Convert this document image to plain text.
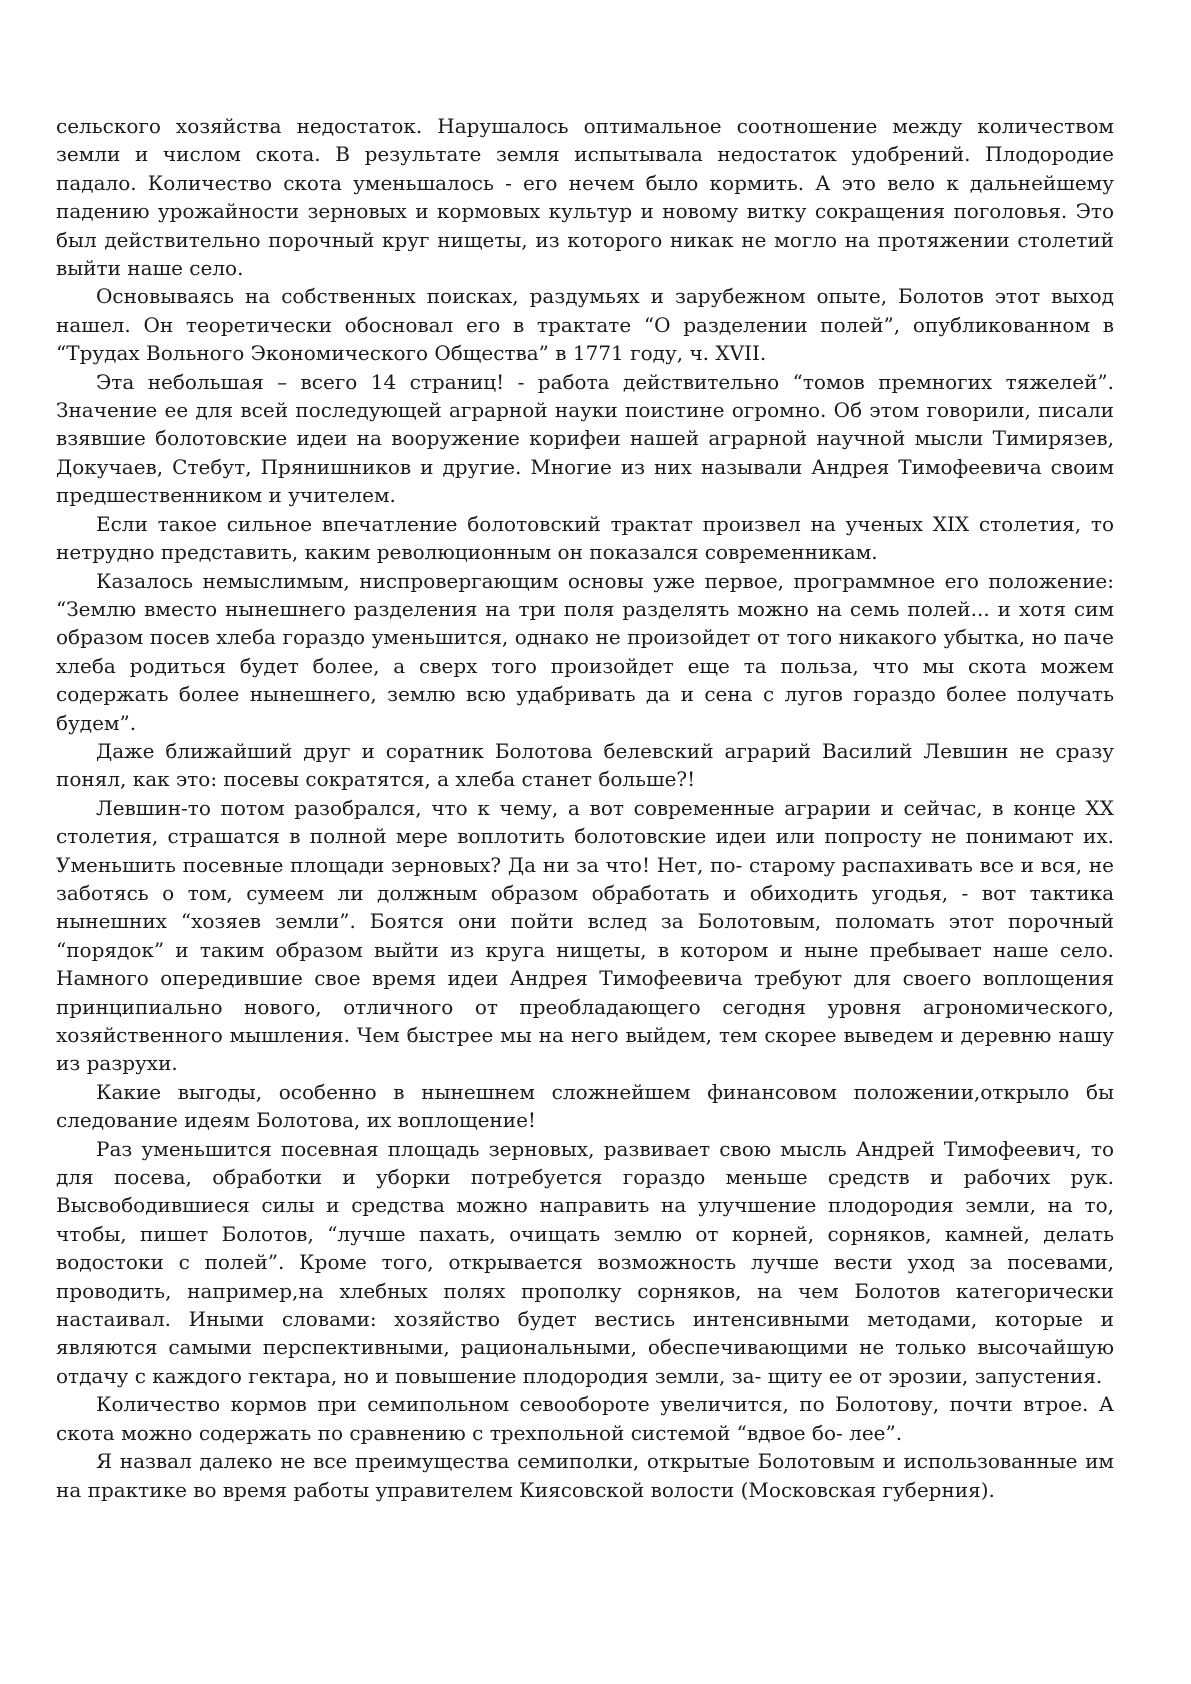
сельского хозяйства недостаток. Нарушалось оптимальное соотношение между количеством земли и числом скота. В результате земля испытывала недостаток удобрений. Плодородие падало. Количество скота уменьшалось - его нечем было кормить. А это вело к дальнейшему падению урожайности зерновых и кормовых культур и новому витку сокращения поголовья. Это был действительно порочный круг нищеты, из которого никак не могло на протяжении столетий выйти наше село.

Основываясь на собственных поисках, раздумьях и зарубежном опыте, Болотов этот выход нашел. Он теоретически обосновал его в трактате “О разделении полей”, опубликованном в “Трудах Вольного Экономического Общества” в 1771 году, ч. XVII.

Эта небольшая – всего 14 страниц! - работа действительно “томов премногих тяжелей”. Значение ее для всей последующей аграрной науки поистине огромно. Об этом говорили, писали взявшие болотовские идеи на вооружение корифеи нашей аграрной научной мысли Тимирязев, Докучаев, Стебут, Прянишников и другие. Многие из них называли Андрея Тимофеевича своим предшественником и учителем.

Если такое сильное впечатление болотовский трактат произвел на ученых XIX столетия, то нетрудно представить, каким революционным он показался современникам.

Казалось немыслимым, ниспровергающим основы уже первое, программное его положение: “Землю вместо нынешнего разделения на три поля разделять можно на семь полей... и хотя сим образом посев хлеба гораздо уменьшится, однако не произойдет от того никакого убытка, но паче хлеба родиться будет более, а сверх того произойдет еще та польза, что мы скота можем содержать более нынешнего, землю всю удабривать да и сена с лугов гораздо более получать будем”.

Даже ближайший друг и соратник Болотова белевский аграрий Василий Левшин не сразу понял, как это: посевы сократятся, а хлеба станет больше?!

Левшин-то потом разобрался, что к чему, а вот современные аграрии и сейчас, в конце XX столетия, страшатся в полной мере воплотить болотовские идеи или попросту не понимают их. Уменьшить посевные площади зерновых? Да ни за что! Нет, по- старому распахивать все и вся, не заботясь о том, сумеем ли должным образом обработать и обиходить угодья, - вот тактика нынешних “хозяев земли”. Боятся они пойти вслед за Болотовым, поломать этот порочный “порядок” и таким образом выйти из круга нищеты, в котором и ныне пребывает наше село. Намного опередившие свое время идеи Андрея Тимофеевича требуют для своего воплощения принципиально нового, отличного от преобладающего сегодня уровня агрономического, хозяйственного мышления. Чем быстрее мы на него выйдем, тем скорее выведем и деревню нашу из разрухи.

Какие выгоды, особенно в нынешнем сложнейшем финансовом положении,открыло бы следование идеям Болотова, их воплощение!

Раз уменьшится посевная площадь зерновых, развивает свою мысль Андрей Тимофеевич, то для посева, обработки и уборки потребуется гораздо меньше средств и рабочих рук. Высвободившиеся силы и средства можно направить на улучшение плодородия земли, на то, чтобы, пишет Болотов, “лучше пахать, очищать землю от корней, сорняков, камней, делать водостоки с полей”. Кроме того, открывается возможность лучше вести уход за посевами, проводить, например,на хлебных полях прополку сорняков, на чем Болотов категорически настаивал. Иными словами: хозяйство будет вестись интенсивными методами, которые и являются самыми перспективными, рациональными, обеспечивающими не только высочайшую отдачу с каждого гектара, но и повышение плодородия земли, за- щиту ее от эрозии, запустения.

Количество кормов при семипольном севообороте увеличится, по Болотову, почти втрое. А скота можно содержать по сравнению с трехпольной системой “вдвое бо- лее”.

Я назвал далеко не все преимущества семиполки, открытые Болотовым и использованные им на практике во время работы управителем Киясовской волости (Московская губерния).
